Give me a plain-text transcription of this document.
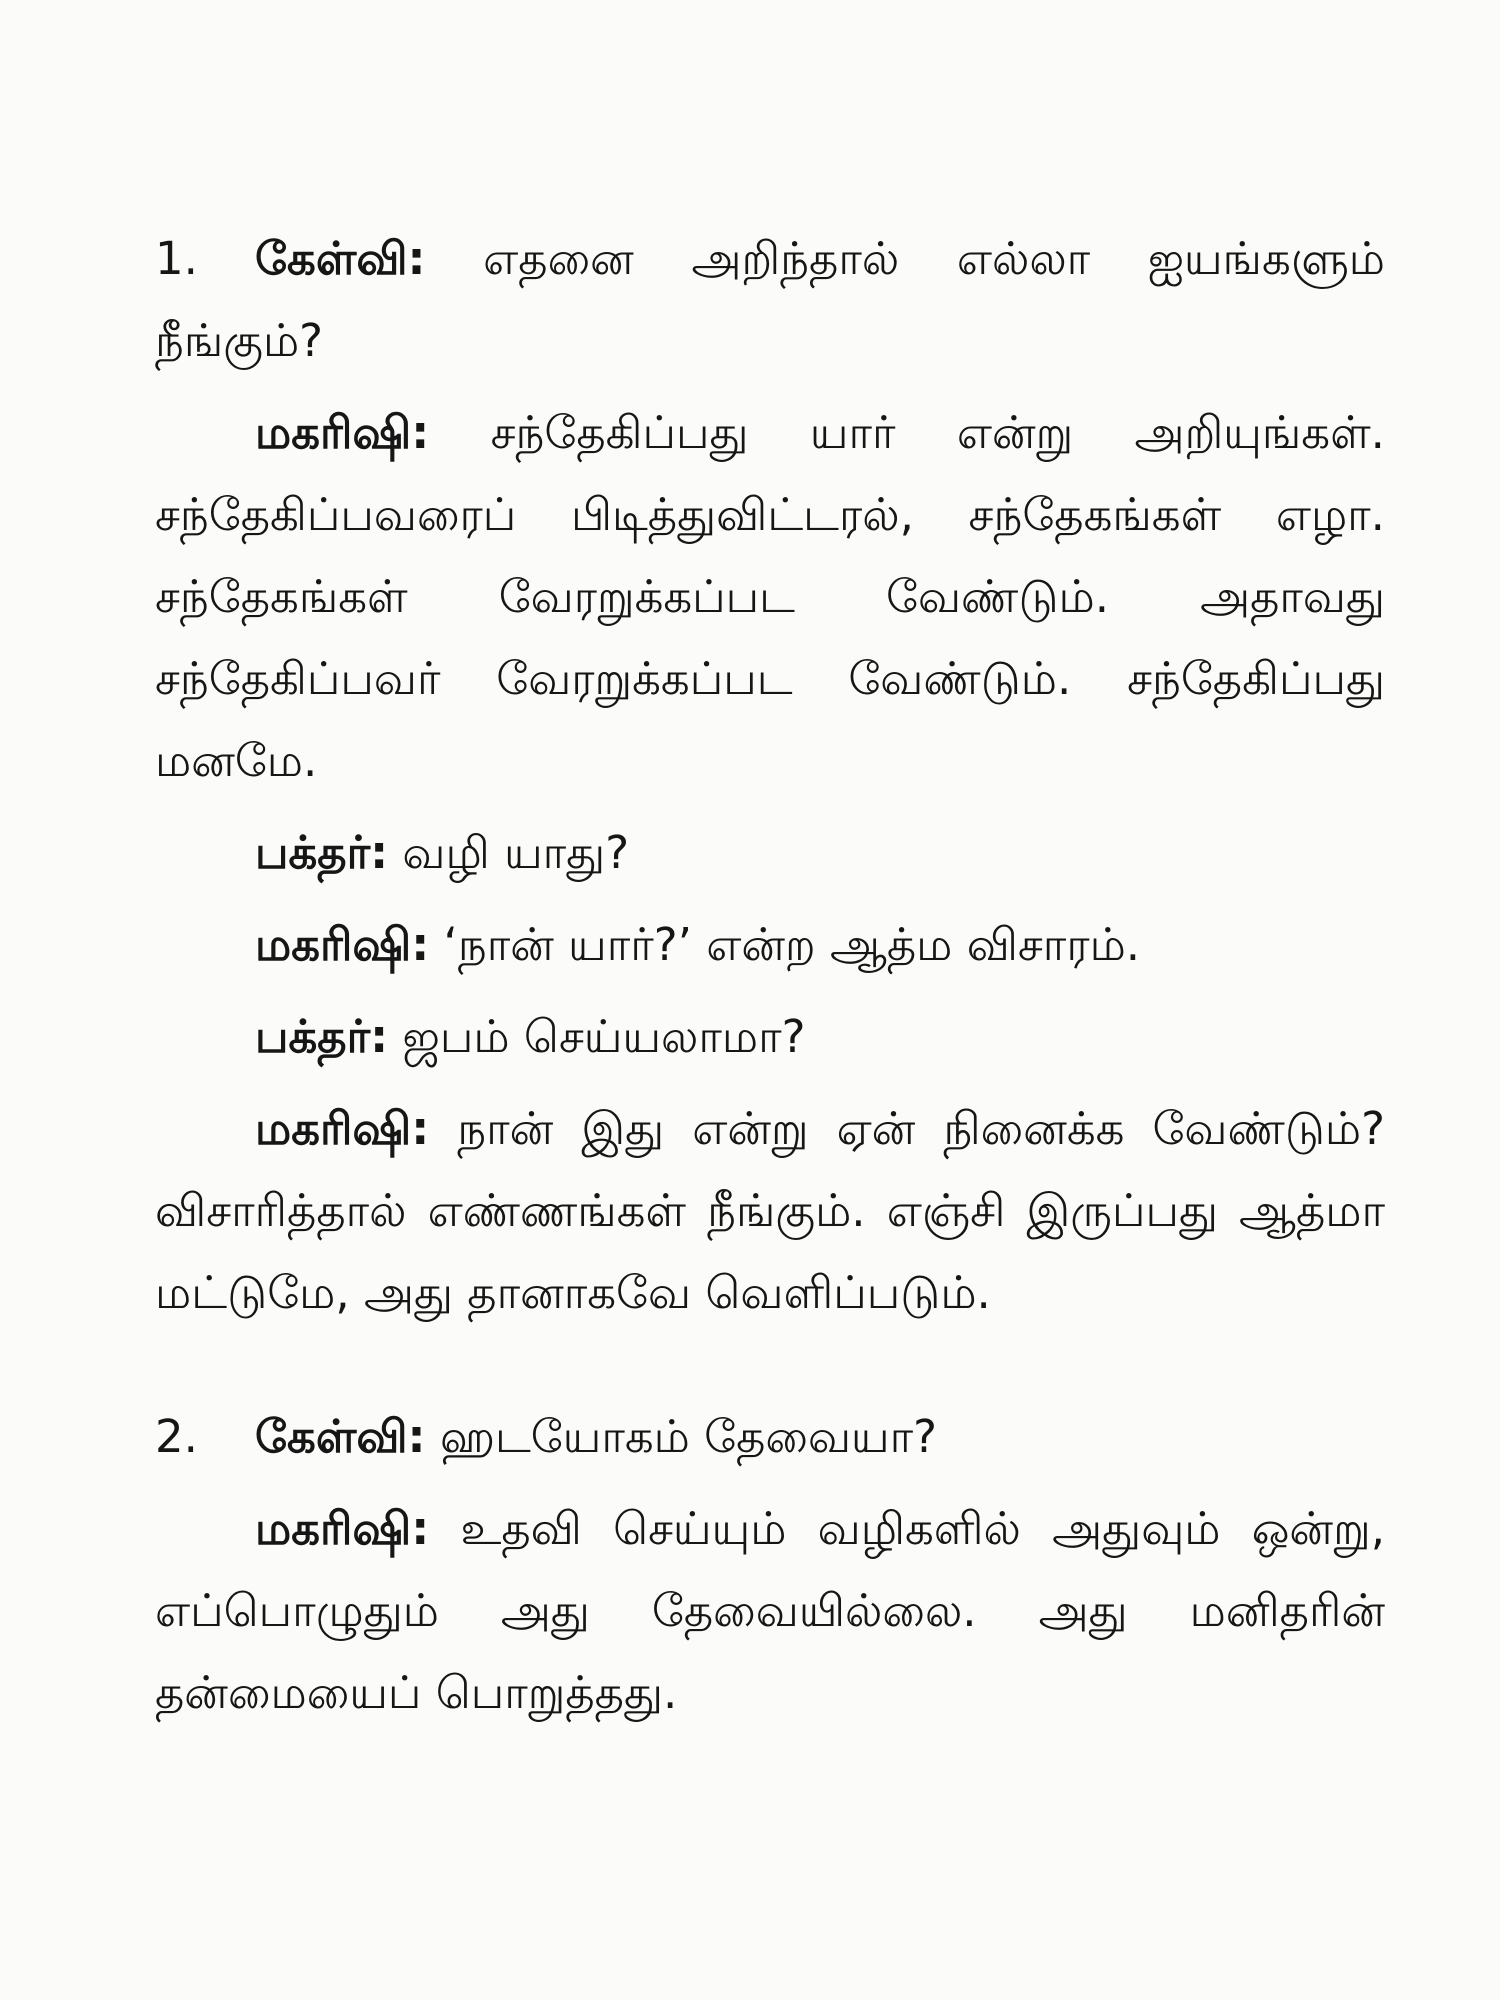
1. கேள்வி: எதனை அறிந்தால் எல்லா ஐயங்களும் நீங்கும்?

மகரிஷி: சந்தேகிப்பது யார் என்று அறியுங்கள். சந்தேகிப்பவரைப் பிடித்துவிட்டரல், சந்தேகங்கள் எழா. சந்தேகங்கள் வேரறுக்கப்பட வேண்டும். அதாவது சந்தேகிப்பவர் வேரறுக்கப்பட வேண்டும். சந்தேகிப்பது மனமே.

பக்தர்: வழி யாது?

மகரிஷி: ‘நான் யார்?’ என்ற ஆத்ம விசாரம்.

பக்தர்: ஜபம் செய்யலாமா?

மகரிஷி: நான் இது என்று ஏன் நினைக்க வேண்டும்? விசாரித்தால் எண்ணங்கள் நீங்கும். எஞ்சி இருப்பது ஆத்மா மட்டுமே, அது தானாகவே வெளிப்படும்.

2. கேள்வி: ஹடயோகம் தேவையா?

மகரிஷி: உதவி செய்யும் வழிகளில் அதுவும் ஒன்று, எப்பொழுதும் அது தேவையில்லை. அது மனிதரின் தன்மையைப் பொறுத்தது.
